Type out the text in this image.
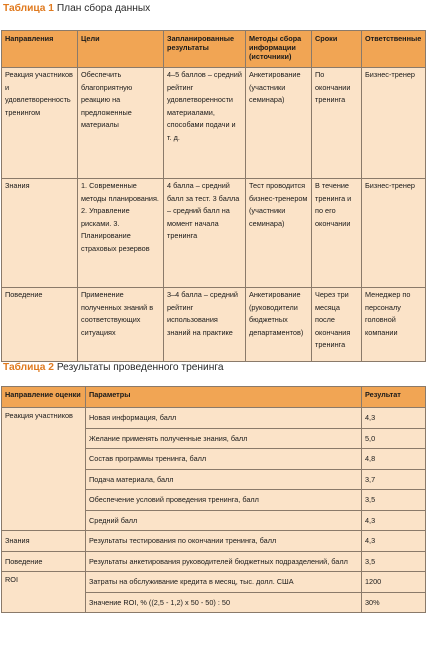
Таблица 1 План сбора данных
Направления	Цели	Запланированные результаты	Методы сбора информации (источники)	Сроки	Ответственные
Реакция участников и удовлетворенность тренингом	Обеспечить благоприятную реакцию на предложенные материалы	4–5 баллов – средний рейтинг удовлетворенности материалами, способами подачи и т. д.	Анкетирование (участники семинара)	По окончании тренинга	Бизнес-тренер
Знания	1. Современные методы планирования. 2. Управление рисками. 3. Планирование страховых резервов	4 балла – средний балл за тест. 3 балла – средний балл на момент начала тренинга	Тест проводится бизнес-тренером (участники семинара)	В течение тренинга и по его окончании	Бизнес-тренер
Поведение	Применение полученных знаний в соответствующих ситуациях	3–4 балла – средний рейтинг использования знаний на практике	Анкетирование (руководители бюджетных департаментов)	Через три месяца после окончания тренинга	Менеджер по персоналу головной компании
Таблица 2 Результаты проведенного тренинга
Направление оценки	Параметры	Результат
Реакция участников	Новая информация, балл	4,3
	Желание применять полученные знания, балл	5,0
	Состав программы тренинга, балл	4,8
	Подача материала, балл	3,7
	Обеспечение условий проведения тренинга, балл	3,5
	Средний балл	4,3
Знания	Результаты тестирования по окончании тренинга, балл	4,3
Поведение	Результаты анкетирования руководителей бюджетных подразделений, балл	3,5
ROI	Затраты на обслуживание кредита в месяц, тыс. долл. США	1200
	Значение ROI, % ((2,5 - 1,2) х 50 - 50) : 50	30%
